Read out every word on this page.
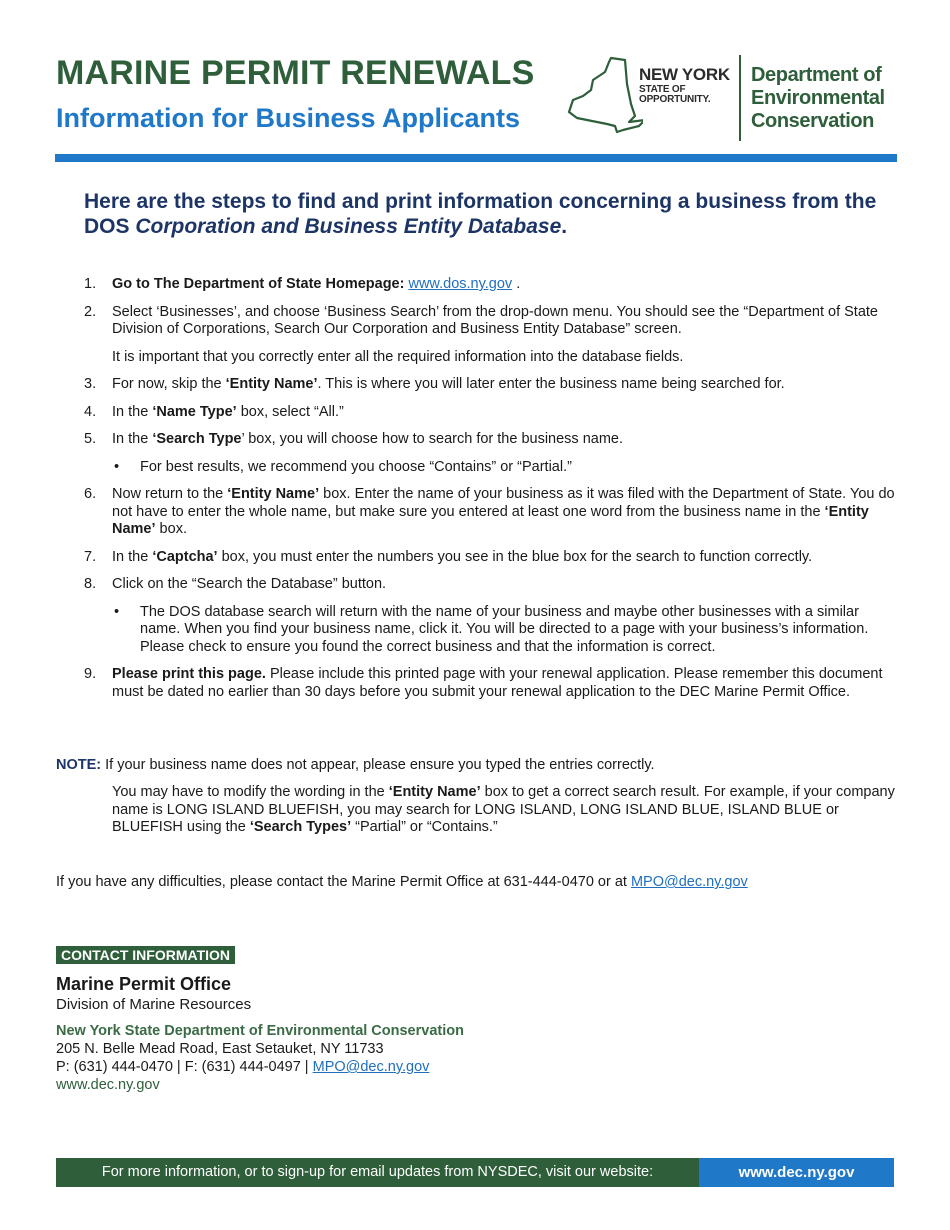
MARINE PERMIT RENEWALS
Information for Business Applicants
NEW YORK
STATE OF
OPPORTUNITY.
Department of
Environmental
Conservation
Here are the steps to find and print information concerning a business from the DOS Corporation and Business Entity Database.
1. Go to The Department of State Homepage: www.dos.ny.gov .
2. Select ‘Businesses’, and choose ‘Business Search’ from the drop-down menu. You should see the “Department of State Division of Corporations, Search Our Corporation and Business Entity Database” screen.

It is important that you correctly enter all the required information into the database fields.

3. For now, skip the ‘Entity Name’. This is where you will later enter the business name being searched for.
4. In the ‘Name Type’ box, select “All.”
5. In the ‘Search Type’ box, you will choose how to search for the business name.
• For best results, we recommend you choose “Contains” or “Partial.”
6. Now return to the ‘Entity Name’ box. Enter the name of your business as it was filed with the Department of State. You do not have to enter the whole name, but make sure you entered at least one word from the business name in the ‘Entity Name’ box.
7. In the ‘Captcha’ box, you must enter the numbers you see in the blue box for the search to function correctly.
8. Click on the “Search the Database” button.
• The DOS database search will return with the name of your business and maybe other businesses with a similar name. When you find your business name, click it. You will be directed to a page with your business’s information. Please check to ensure you found the correct business and that the information is correct.
9. Please print this page. Please include this printed page with your renewal application. Please remember this document must be dated no earlier than 30 days before you submit your renewal application to the DEC Marine Permit Office.
NOTE: If your business name does not appear, please ensure you typed the entries correctly.
You may have to modify the wording in the ‘Entity Name’ box to get a correct search result. For example, if your company name is LONG ISLAND BLUEFISH, you may search for LONG ISLAND, LONG ISLAND BLUE, ISLAND BLUE or BLUEFISH using the ‘Search Types’ “Partial” or “Contains.”
If you have any difficulties, please contact the Marine Permit Office at 631-444-0470 or at MPO@dec.ny.gov
CONTACT INFORMATION
Marine Permit Office
Division of Marine Resources
New York State Department of Environmental Conservation
205 N. Belle Mead Road, East Setauket, NY 11733
P: (631) 444-0470 | F: (631) 444-0497 | MPO@dec.ny.gov
www.dec.ny.gov
For more information, or to sign-up for email updates from NYSDEC, visit our website:	www.dec.ny.gov
